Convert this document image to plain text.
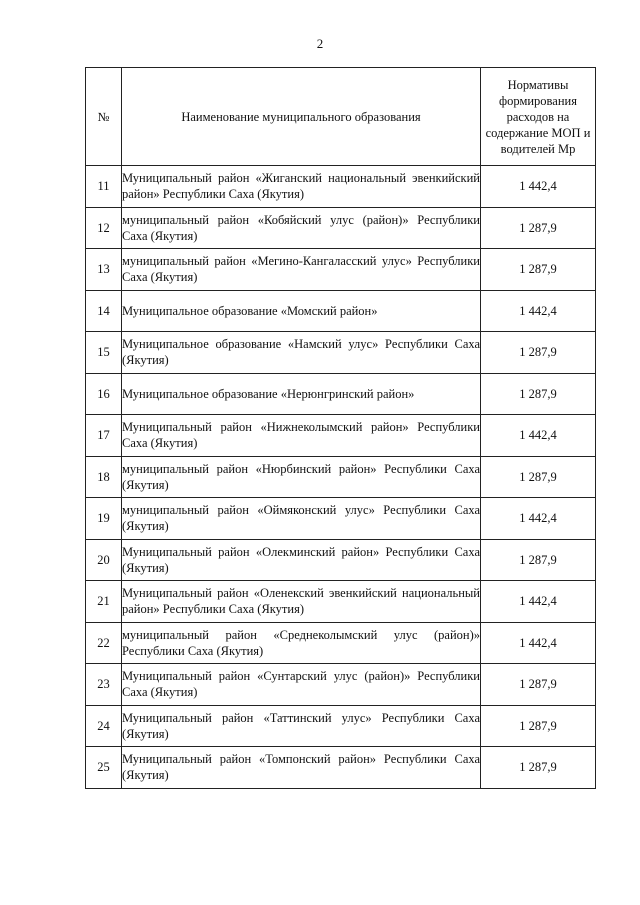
2
№	Наименование муниципального образования	Нормативы формирования расходов на содержание МОП и водителей Мр
11	Муниципальный район «Жиганский национальный эвенкийский район» Республики Саха (Якутия)	1 442,4
12	муниципальный район «Кобяйский улус (район)» Республики Саха (Якутия)	1 287,9
13	муниципальный район «Мегино-Кангаласский улус» Республики Саха (Якутия)	1 287,9
14	Муниципальное образование «Момский район»	1 442,4
15	Муниципальное образование «Намский улус» Республики Саха (Якутия)	1 287,9
16	Муниципальное образование «Нерюнгринский район»	1 287,9
17	Муниципальный район «Нижнеколымский район» Республики Саха (Якутия)	1 442,4
18	муниципальный район «Нюрбинский район» Республики Саха (Якутия)	1 287,9
19	муниципальный район «Оймяконский улус» Республики Саха (Якутия)	1 442,4
20	Муниципальный район «Олекминский район» Республики Саха (Якутия)	1 287,9
21	Муниципальный район «Оленекский эвенкийский национальный район» Республики Саха (Якутия)	1 442,4
22	муниципальный район «Среднеколымский улус (район)» Республики Саха (Якутия)	1 442,4
23	Муниципальный район «Сунтарский улус (район)» Республики Саха (Якутия)	1 287,9
24	Муниципальный район «Таттинский улус» Республики Саха (Якутия)	1 287,9
25	Муниципальный район «Томпонский район» Республики Саха (Якутия)	1 287,9
